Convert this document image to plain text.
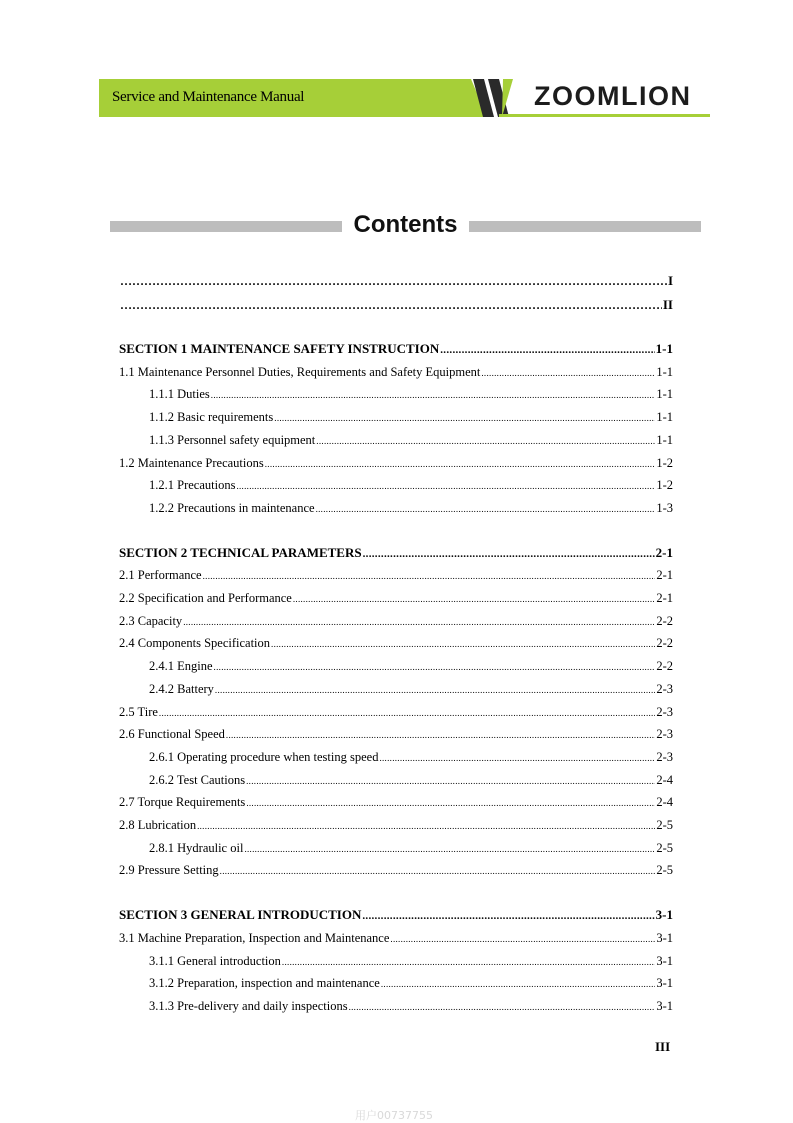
Service and Maintenance Manual	ZOOMLION
Contents
……………………………………………………………………………………………………………………………………………………………………
I
……………………………………………………………………………………………………………………………………………………………………
II
SECTION 1 MAINTENANCE SAFETY INSTRUCTION .....	1-1
1.1 Maintenance Personnel Duties, Requirements and Safety Equipment .....	1-1
1.1.1 Duties .....	1-1
1.1.2 Basic requirements .....	1-1
1.1.3 Personnel safety equipment .....	1-1
1.2 Maintenance Precautions .....	1-2
1.2.1 Precautions .....	1-2
1.2.2 Precautions in maintenance .....	1-3
SECTION 2 TECHNICAL PARAMETERS .....	2-1
2.1 Performance .....	2-1
2.2 Specification and Performance .....	2-1
2.3 Capacity .....	2-2
2.4 Components Specification .....	2-2
2.4.1 Engine .....	2-2
2.4.2 Battery .....	2-3
2.5 Tire .....	2-3
2.6 Functional Speed .....	2-3
2.6.1 Operating procedure when testing speed .....	2-3
2.6.2 Test Cautions .....	2-4
2.7 Torque Requirements .....	2-4
2.8 Lubrication .....	2-5
2.8.1 Hydraulic oil .....	2-5
2.9 Pressure Setting .....	2-5
SECTION 3 GENERAL INTRODUCTION .....	3-1
3.1 Machine Preparation, Inspection and Maintenance .....	3-1
3.1.1 General introduction .....	3-1
3.1.2 Preparation, inspection and maintenance .....	3-1
3.1.3 Pre-delivery and daily inspections .....	3-1
III
用户00737755
